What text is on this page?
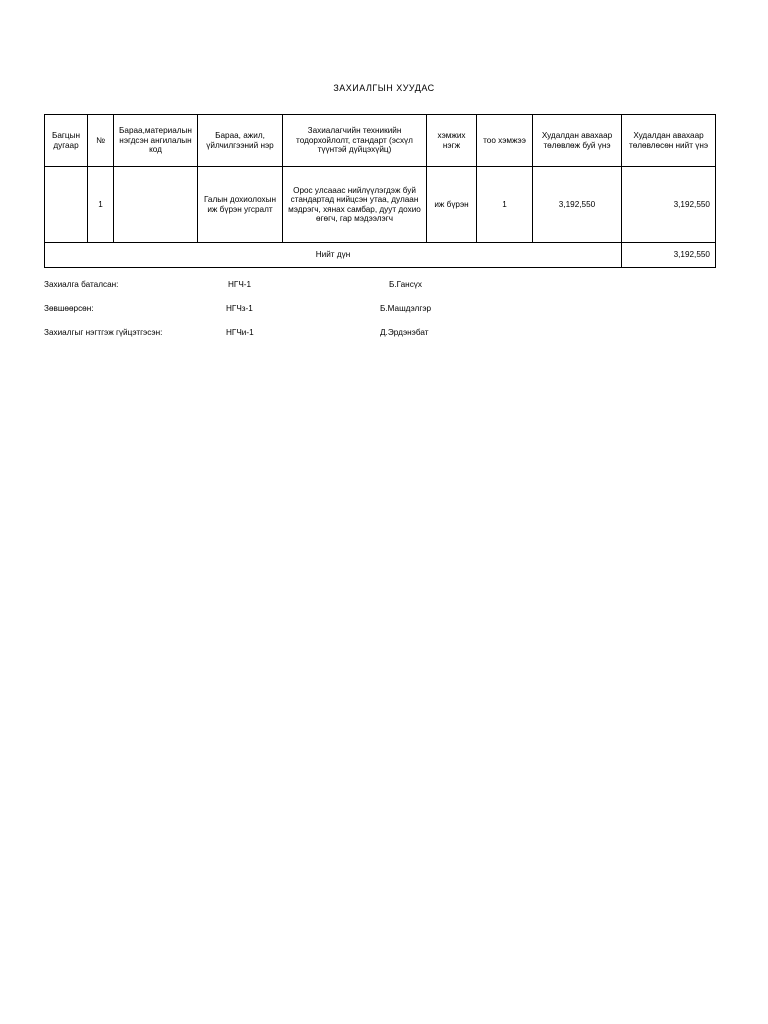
ЗАХИАЛГЫН ХУУДАС
Багцын дугаар	№	Бараа,материалын нэгдсэн ангилалын код	Бараа, ажил, үйлчилгээний нэр	Захиалагчийн техникийн тодорхойлолт, стандарт (эсхүл түүнтэй дүйцэхүйц)	хэмжих нэгж	тоо хэмжээ	Худалдан авахаар төлөвлөж буй үнэ	Худалдан авахаар төлөвлөсөн нийт үнэ
	1		Галын дохиолохын иж бүрэн угсралт	Орос улсааас нийлүүлэгдэж буй стандартад нийцсэн утаа, дулаан мэдрэгч, хянах самбар, дуут дохио өгөгч, гар мэдээлэгч	иж бүрэн	1	3,192,550	3,192,550
Нийт дүн								3,192,550
Захиалга баталсан:	НГЧ-1	Б.Гансүх
Зөвшөөрсөн:	НГЧз-1	Б.Машдэлгэр
Захиалгыг нэгтгэж гүйцэтгэсэн:	НГЧи-1	Д.Эрдэнэбат
